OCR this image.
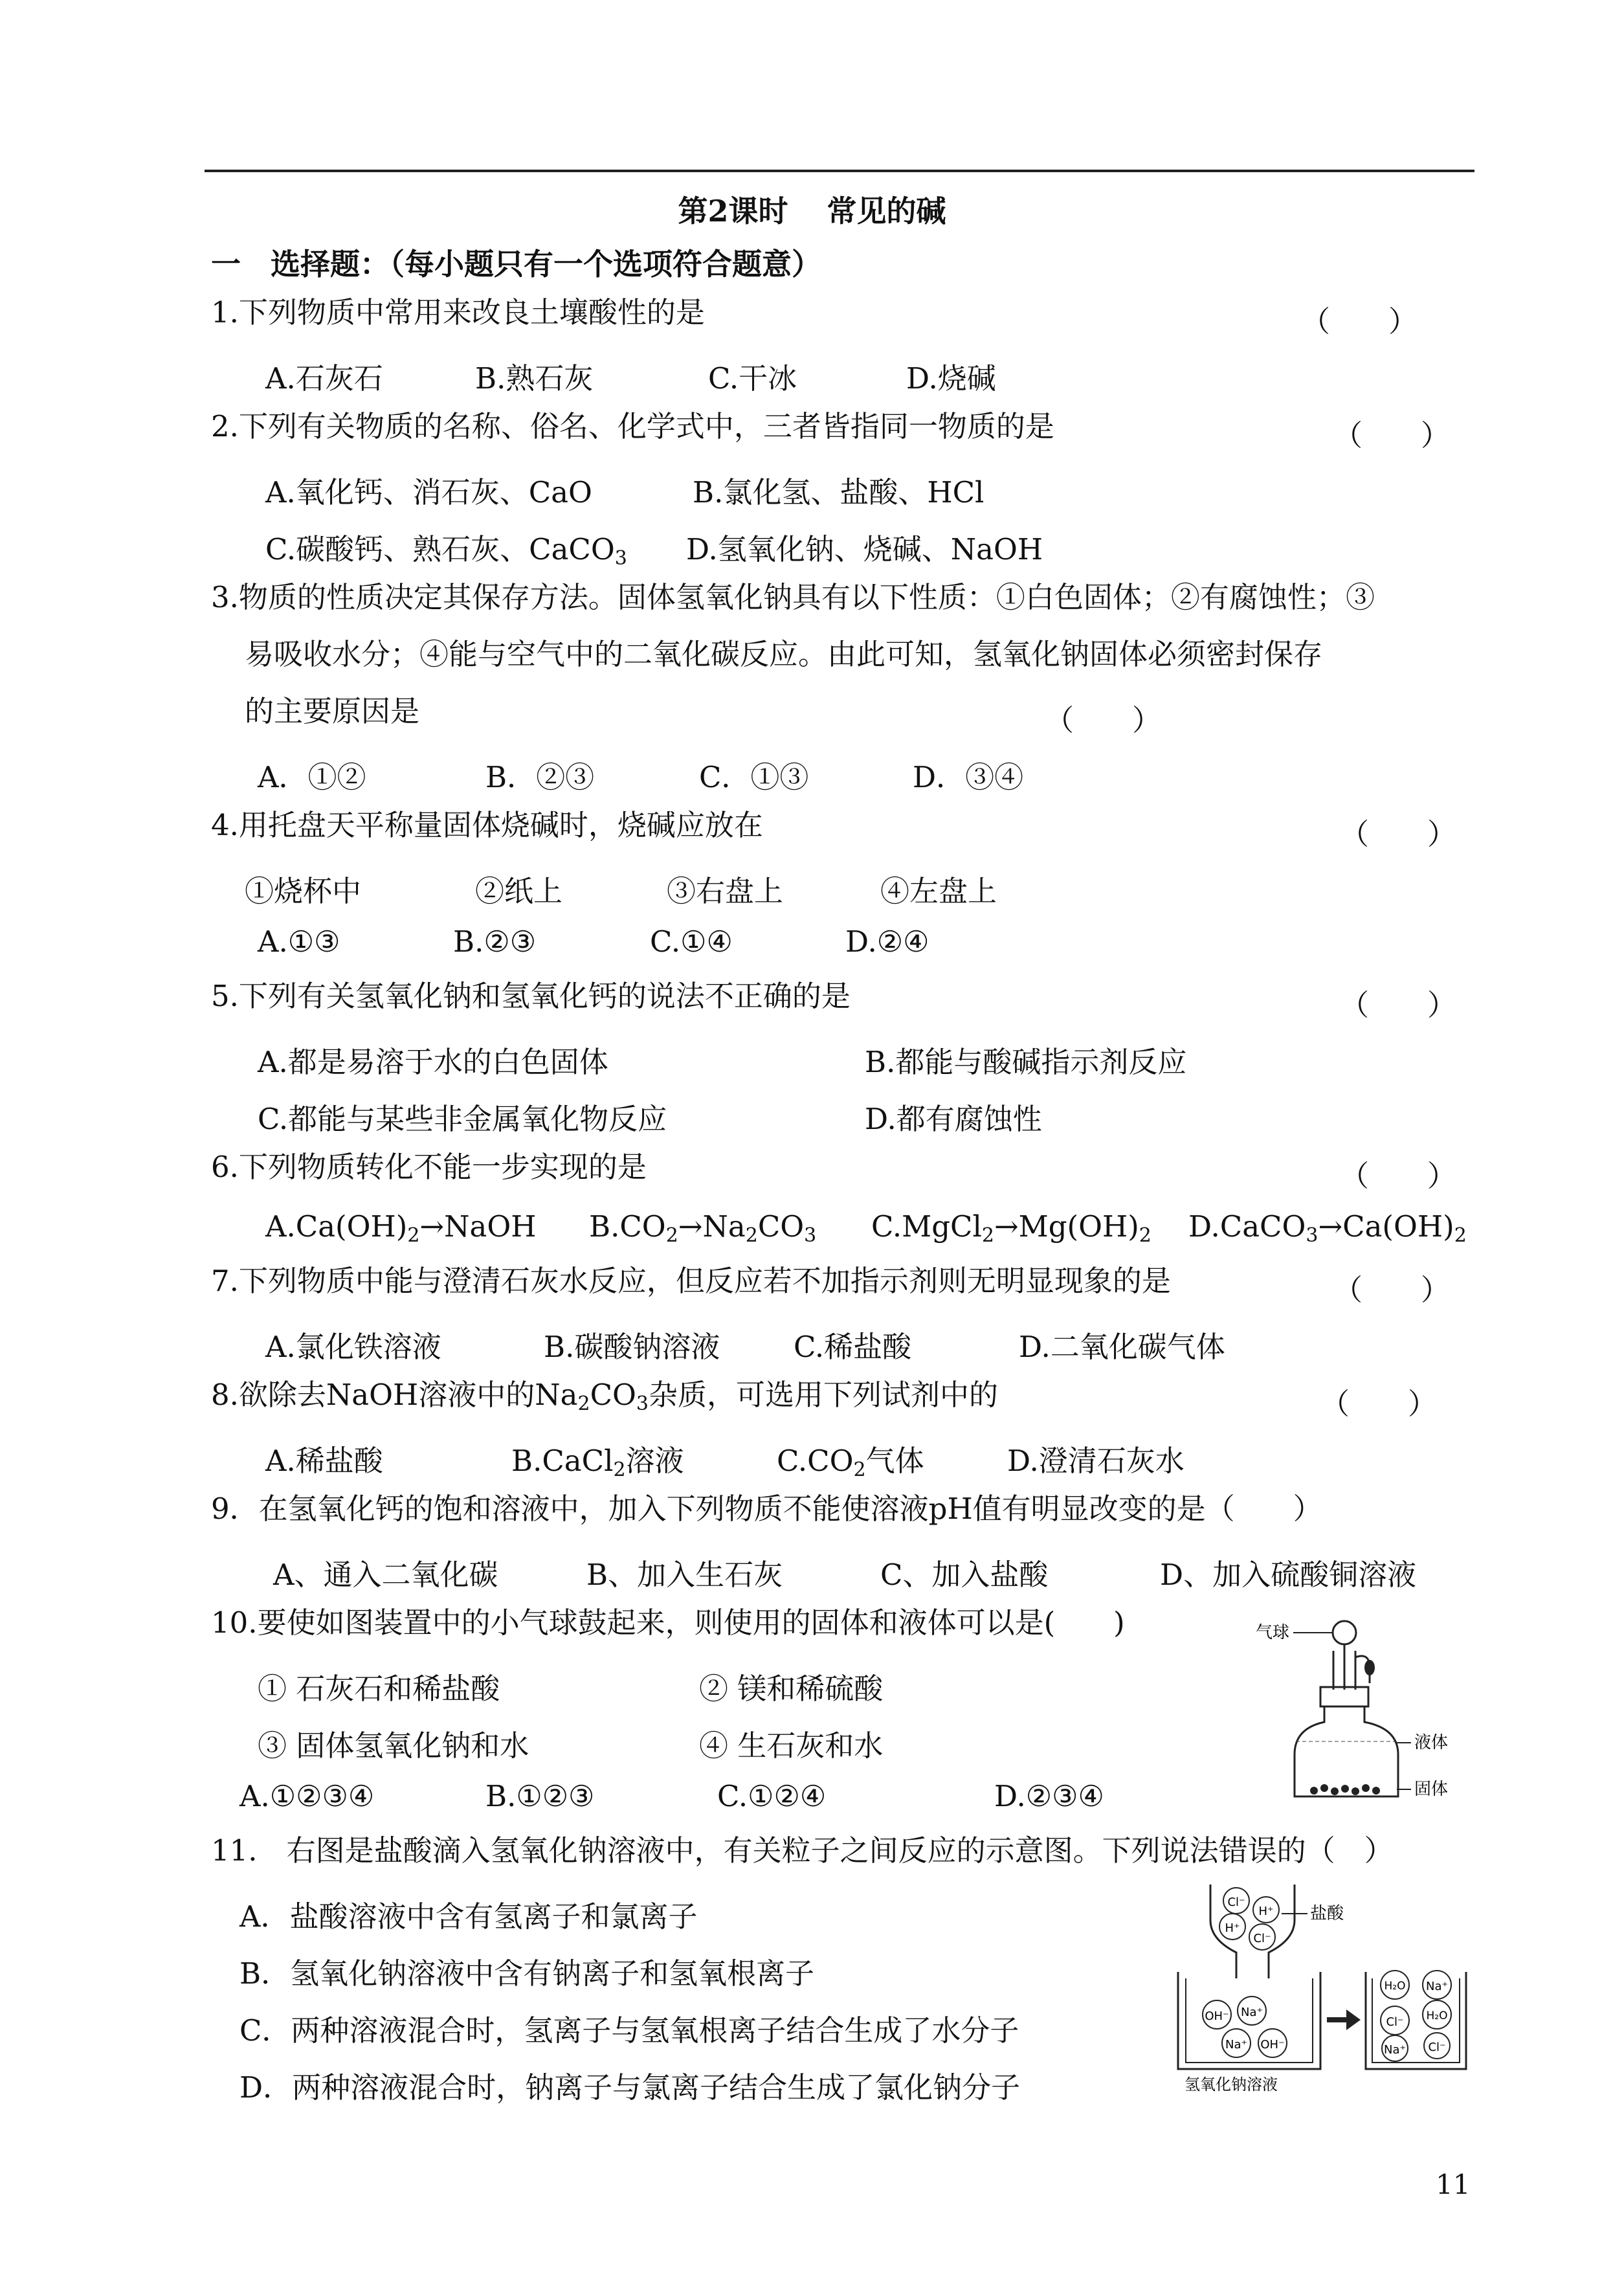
第2课时 常见的碱
一　选择题：（每小题只有一个选项符合题意）
1.下列物质中常用来改良土壤酸性的是	（　　）
A.石灰石	B.熟石灰	C.干冰	D.烧碱
2.下列有关物质的名称、俗名、化学式中，三者皆指同一物质的是	（　　）
A.氧化钙、消石灰、CaO	B.氯化氢、盐酸、HCl
C.碳酸钙、熟石灰、CaCO$_3$ D.氢氧化钠、烧碱、NaOH
3.物质的性质决定其保存方法。固体氢氧化钠具有以下性质：①白色固体；②有腐蚀性；③
易吸收水分；④能与空气中的二氧化碳反应。由此可知，氢氧化钠固体必须密封保存
的主要原因是	（　　）
A．①②	B．②③	C．①③	D．③④
4.用托盘天平称量固体烧碱时，烧碱应放在	（　　）
①烧杯中	②纸上	③右盘上	④左盘上
A.①③	B.②③	C.①④	D.②④
5.下列有关氢氧化钠和氢氧化钙的说法不正确的是	（　　）
A.都是易溶于水的白色固体	B.都能与酸碱指示剂反应
C.都能与某些非金属氧化物反应	D.都有腐蚀性
6.下列物质转化不能一步实现的是	（　　）
$A.Ca(OH)_2\to NaOH$ $B.CO_2\to Na_2CO_3$ $C.MgCl_2\to Mg(OH)_2$ $D.CaCO_3\to Ca(OH)_2$
7.下列物质中能与澄清石灰水反应，但反应若不加指示剂则无明显现象的是	（　　）
A.氯化铁溶液	B.碳酸钠溶液	C.稀盐酸	D.二氧化碳气体
8.欲除去NaOH溶液中的$Na_2CO_3$杂质，可选用下列试剂中的	（　　）
A.稀盐酸	B.CaCl$_2$溶液	$C.CO_2$气体	D.澄清石灰水
9．在氢氧化钙的饱和溶液中，加入下列物质不能使溶液pH值有明显改变的是（　　）
A、通入二氧化碳	B、加入生石灰	C、加入盐酸	D、加入硫酸铜溶液
10.要使如图装置中的小气球鼓起来，则使用的固体和液体可以是(　　)
① 石灰石和稀盐酸	② 镁和稀硫酸
③ 固体氢氧化钠和水	④ 生石灰和水
A.①②③④	B.①②③	C.①②④	D.②③④
气球
液体
固体
11.　右图是盐酸滴入氢氧化钠溶液中，有关粒子之间反应的示意图。下列说法错误的（　）
A．盐酸溶液中含有氢离子和氯离子
B．氢氧化钠溶液中含有钠离子和氢氧根离子
C．两种溶液混合时，氢离子与氢氧根离子结合生成了水分子
D．两种溶液混合时，钠离子与氯离子结合生成了氯化钠分子
Cl⁻
H⁺
H⁺
Cl⁻
盐酸
OH⁻ Na⁺
Na⁺ OH⁻
氢氧化钠溶液
H₂O Na⁺
H₂O
Cl⁻
Na⁺ Cl⁻
11
